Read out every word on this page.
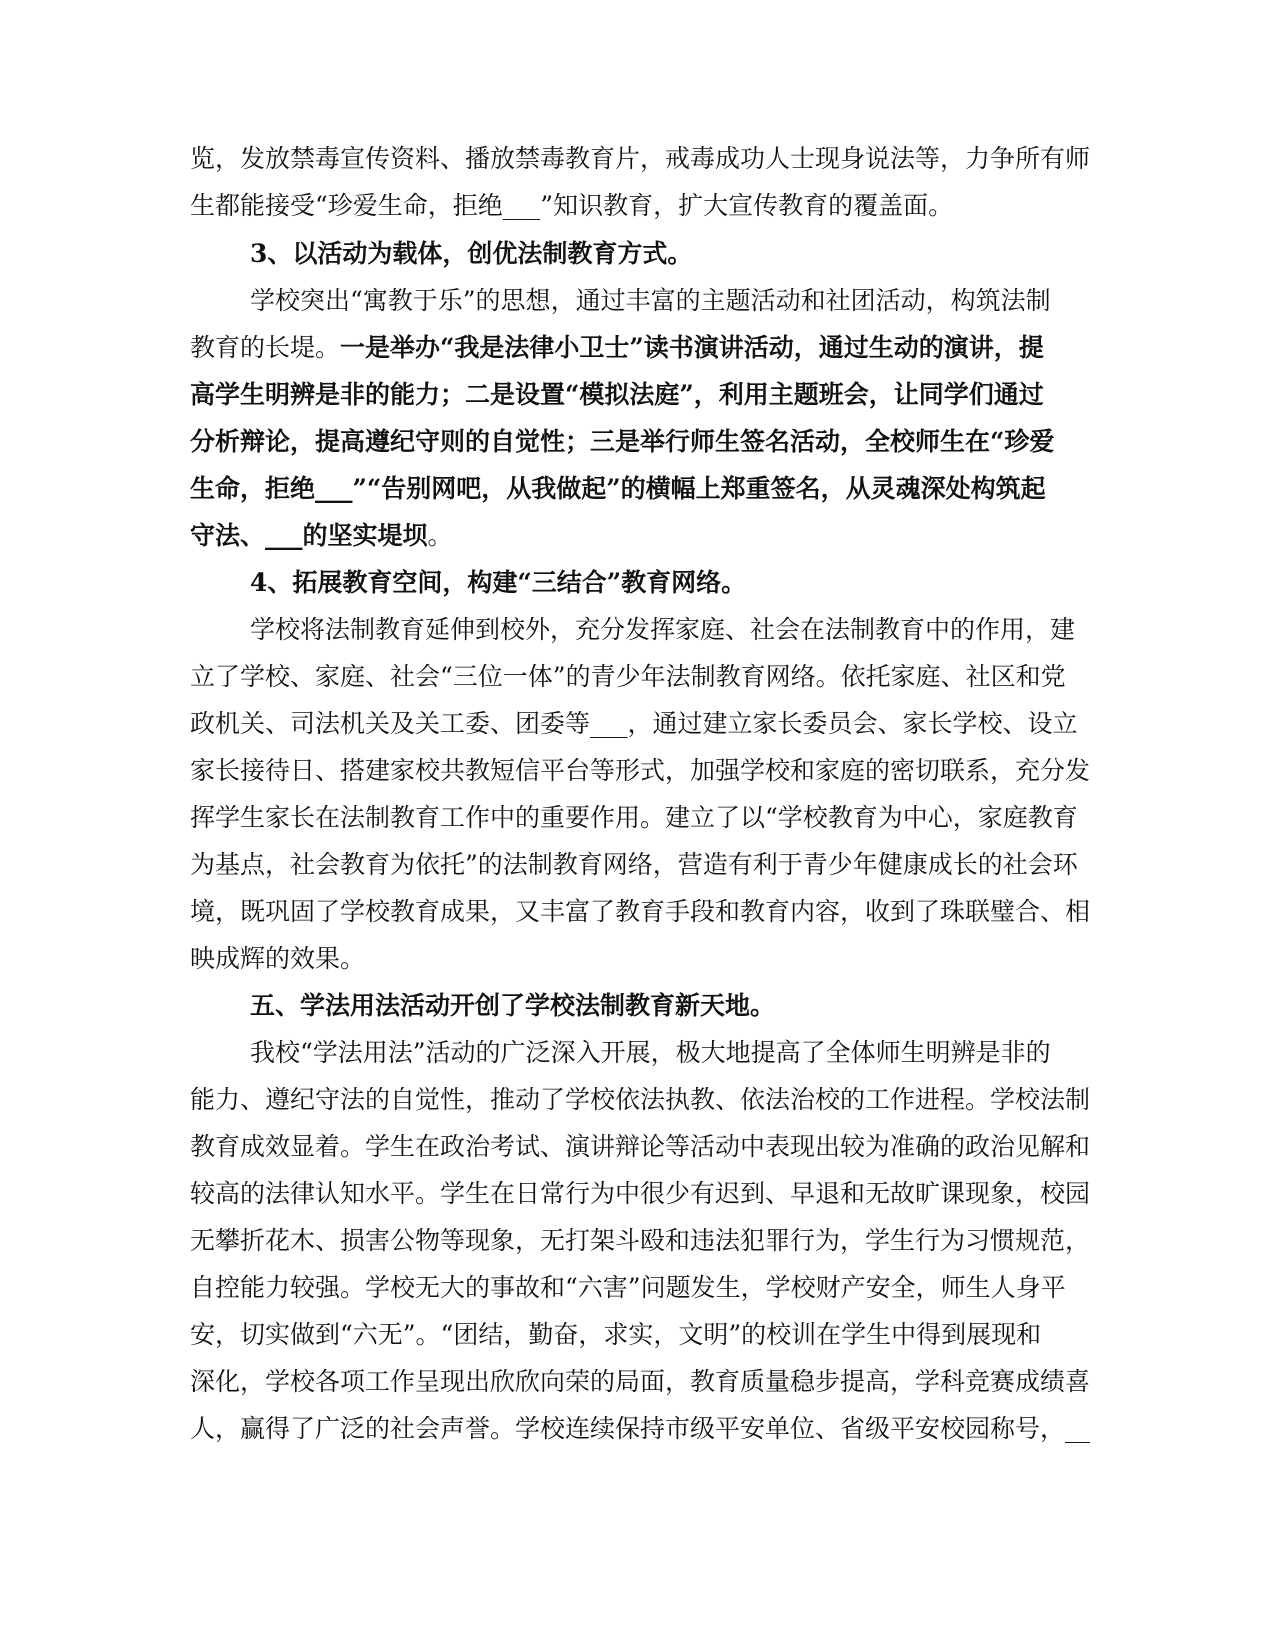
览，发放禁毒宣传资料、播放禁毒教育片，戒毒成功人士现身说法等，力争所有师
生都能接受“珍爱生命，拒绝___”知识教育，扩大宣传教育的覆盖面。
3、以活动为载体，创优法制教育方式。
学校突出“寓教于乐”的思想，通过丰富的主题活动和社团活动，构筑法制
教育的长堤。一是举办“我是法律小卫士”读书演讲活动，通过生动的演讲，提
高学生明辨是非的能力；二是设置“模拟法庭”，利用主题班会，让同学们通过
分析辩论，提高遵纪守则的自觉性；三是举行师生签名活动，全校师生在“珍爱
生命，拒绝___”“告别网吧，从我做起”的横幅上郑重签名，从灵魂深处构筑起
守法、___的坚实堤坝。
4、拓展教育空间，构建“三结合”教育网络。
学校将法制教育延伸到校外，充分发挥家庭、社会在法制教育中的作用，建
立了学校、家庭、社会“三位一体”的青少年法制教育网络。依托家庭、社区和党
政机关、司法机关及关工委、团委等___，通过建立家长委员会、家长学校、设立
家长接待日、搭建家校共教短信平台等形式，加强学校和家庭的密切联系，充分发
挥学生家长在法制教育工作中的重要作用。建立了以“学校教育为中心，家庭教育
为基点，社会教育为依托”的法制教育网络，营造有利于青少年健康成长的社会环
境，既巩固了学校教育成果，又丰富了教育手段和教育内容，收到了珠联璧合、相
映成辉的效果。
五、学法用法活动开创了学校法制教育新天地。
我校“学法用法”活动的广泛深入开展，极大地提高了全体师生明辨是非的
能力、遵纪守法的自觉性，推动了学校依法执教、依法治校的工作进程。学校法制
教育成效显着。学生在政治考试、演讲辩论等活动中表现出较为准确的政治见解和
较高的法律认知水平。学生在日常行为中很少有迟到、早退和无故旷课现象，校园
无攀折花木、损害公物等现象，无打架斗殴和违法犯罪行为，学生行为习惯规范，
自控能力较强。学校无大的事故和“六害”问题发生，学校财产安全，师生人身平
安，切实做到“六无”。“团结，勤奋，求实，文明”的校训在学生中得到展现和
深化，学校各项工作呈现出欣欣向荣的局面，教育质量稳步提高，学科竞赛成绩喜
人，赢得了广泛的社会声誉。学校连续保持市级平安单位、省级平安校园称号，__
